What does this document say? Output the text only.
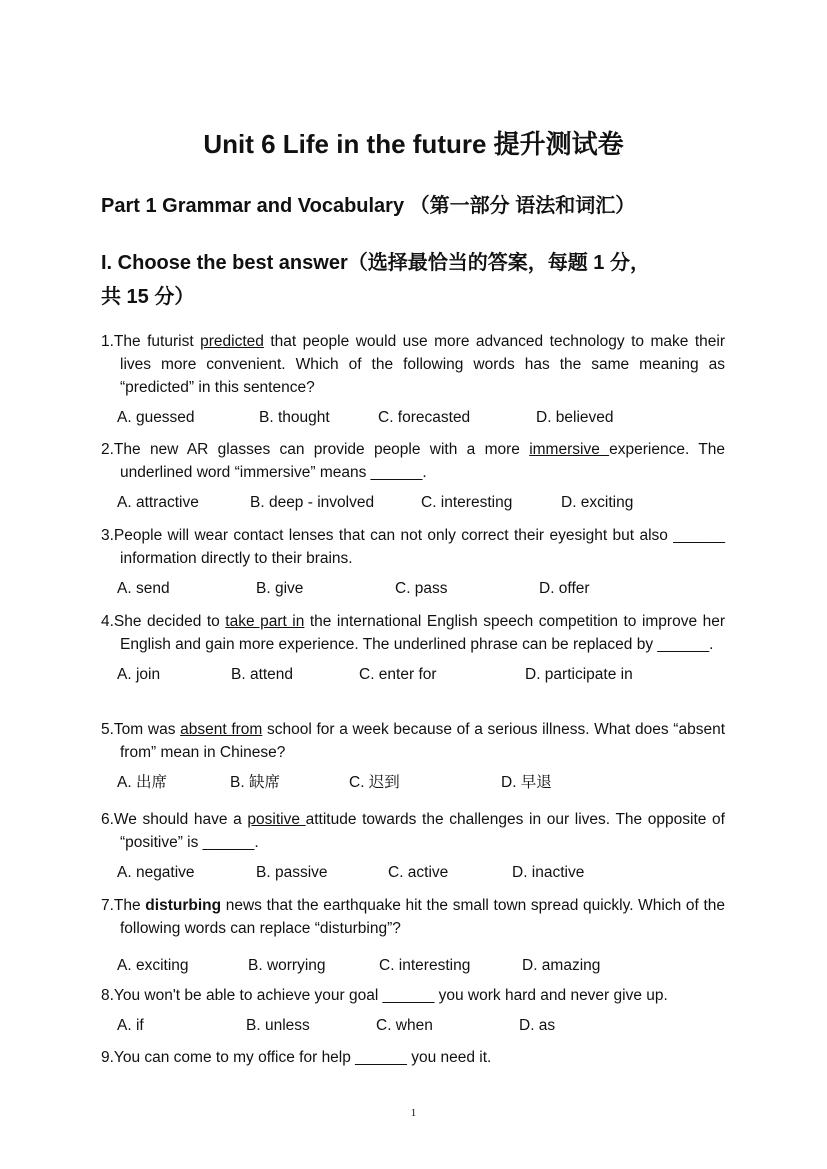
Unit 6 Life in the future 提升测试卷
Part 1 Grammar and Vocabulary （第一部分 语法和词汇）
I. Choose the best answer（选择最恰当的答案，每题 1 分，
共 15 分）
1.The futurist predicted that people would use more advanced technology to make their lives more convenient. Which of the following words has the same meaning as “predicted” in this sentence?
A. guessed	B. thought	C. forecasted	D. believed
2.The new AR glasses can provide people with a more immersive experience. The underlined word “immersive” means ______.
A. attractive	B. deep - involved	C. interesting	D. exciting
3.People will wear contact lenses that can not only correct their eyesight but also ______ information directly to their brains.
A. send	B. give	C. pass	D. offer
4.She decided to take part in the international English speech competition to improve her English and gain more experience. The underlined phrase can be replaced by ______.
A. join	B. attend	C. enter for	D. participate in
5.Tom was absent from school for a week because of a serious illness. What does “absent from” mean in Chinese?
A. 出席	B. 缺席	C. 迟到	D. 早退
6.We should have a positive attitude towards the challenges in our lives. The opposite of “positive” is ______.
A. negative	B. passive	C. active	D. inactive
7.The disturbing news that the earthquake hit the small town spread quickly. Which of the following words can replace “disturbing”?
A. exciting	B. worrying	C. interesting	D. amazing
8.You won't be able to achieve your goal ______ you work hard and never give up.
A. if	B. unless	C. when	D. as
9.You can come to my office for help ______ you need it.
1
